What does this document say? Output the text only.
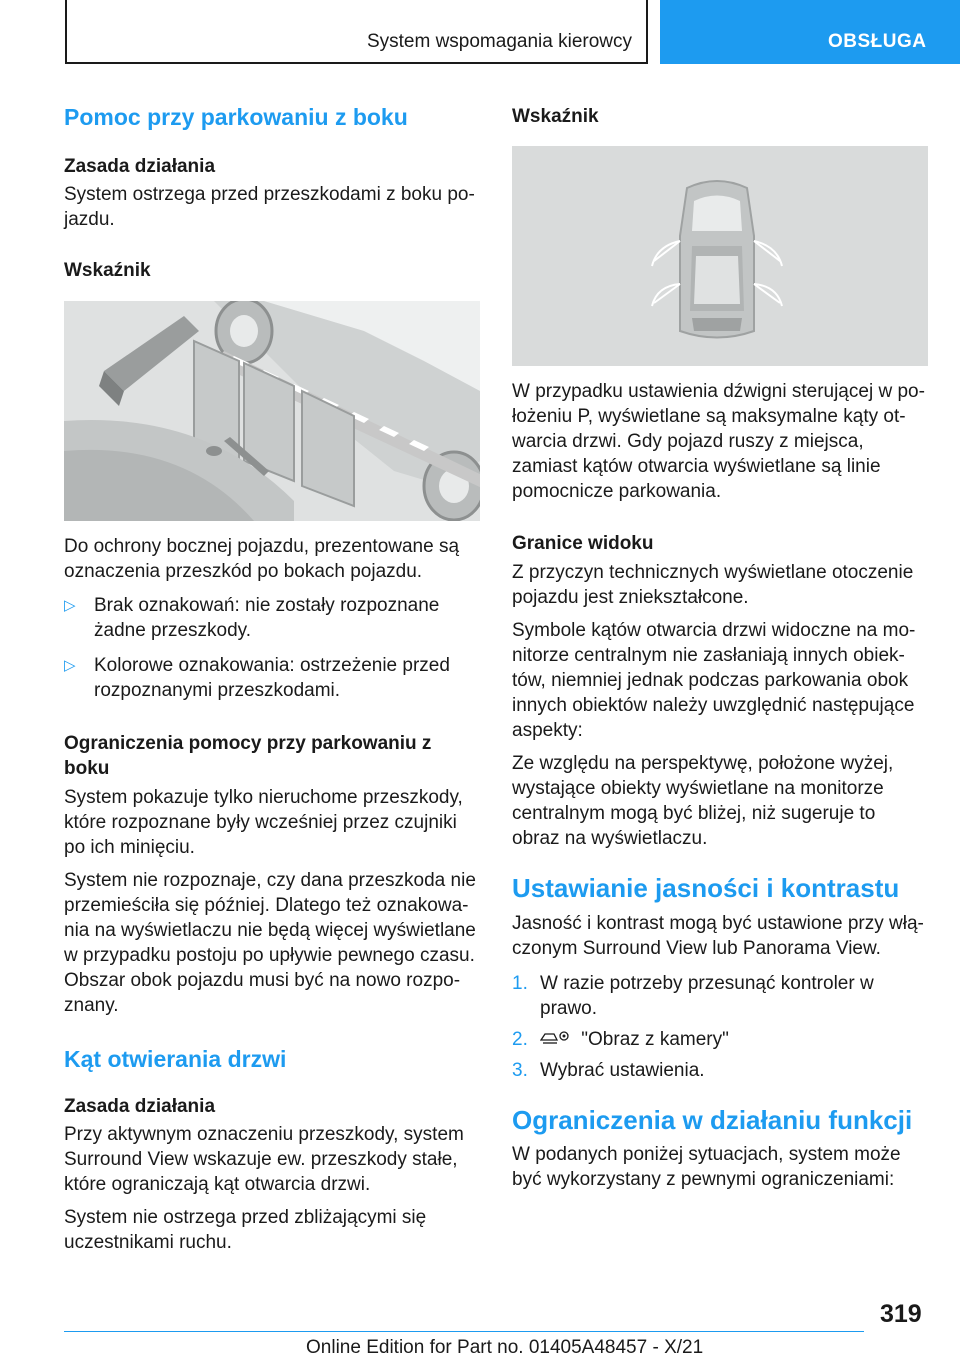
System wspomagania kierowcy	OBSŁUGA
Pomoc przy parkowaniu z boku
Zasada działania

System ostrzega przed przeszkodami z boku po-jazdu.

Wskaźnik

Do ochrony bocznej pojazdu, prezentowane są oznaczenia przeszkód po bokach pojazdu.

▷ Brak oznakowań: nie zostały rozpoznane żadne przeszkody.
▷ Kolorowe oznakowania: ostrzeżenie przed rozpoznanymi przeszkodami.
Ograniczenia pomocy przy parkowaniu z boku

System pokazuje tylko nieruchome przeszkody, które rozpoznane były wcześniej przez czujniki po ich minięciu.

System nie rozpoznaje, czy dana przeszkoda nie przemieściła się później. Dlatego też oznakowa-nia na wyświetlaczu nie będą więcej wyświetlane w przypadku postoju po upływie pewnego czasu. Obszar obok pojazdu musi być na nowo rozpo-znany.

Kąt otwierania drzwi
Zasada działania

Przy aktywnym oznaczeniu przeszkody, system Surround View wskazuje ew. przeszkody stałe, które ograniczają kąt otwarcia drzwi.

System nie ostrzega przed zbliżającymi się uczestnikami ruchu.

Wskaźnik

W przypadku ustawienia dźwigni sterującej w po-łożeniu P, wyświetlane są maksymalne kąty ot-warcia drzwi. Gdy pojazd ruszy z miejsca, zamiast kątów otwarcia wyświetlane są linie pomocnicze parkowania.

Granice widoku

Z przyczyn technicznych wyświetlane otoczenie pojazdu jest zniekształcone.

Symbole kątów otwarcia drzwi widoczne na mo-nitorze centralnym nie zasłaniają innych obiek-tów, niemniej jednak podczas parkowania obok innych obiektów należy uwzględnić następujące aspekty:

Ze względu na perspektywę, położone wyżej, wystające obiekty wyświetlane na monitorze centralnym mogą być bliżej, niż sugeruje to obraz na wyświetlaczu.

Ustawianie jasności i kontrastu

Jasność i kontrast mogą być ustawione przy włą-czonym Surround View lub Panorama View.

1. W razie potrzeby przesunąć kontroler w prawo.
2.	"Obraz z kamery"
3. Wybrać ustawienia.
Ograniczenia w działaniu funkcji

W podanych poniżej sytuacjach, system może być wykorzystany z pewnymi ograniczeniami:

319
Online Edition for Part no. 01405A48457 - X/21
